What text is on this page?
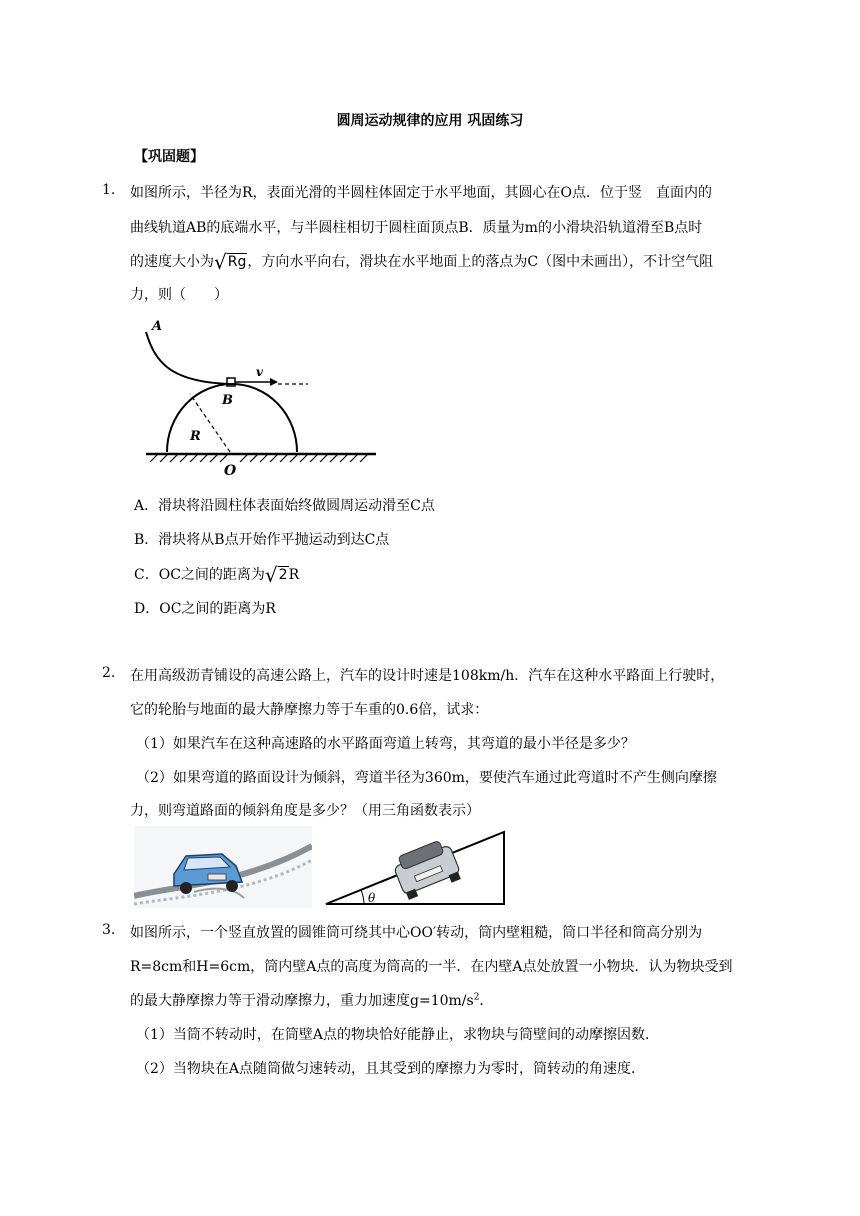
圆周运动规律的应用 巩固练习
【巩固题】
1. 如图所示，半径为R，表面光滑的半圆柱体固定于水平地面，其圆心在O点．位于竖　直面内的
曲线轨道AB的底端水平，与半圆柱相切于圆柱面顶点B．质量为m的小滑块沿轨道滑至B点时
的速度大小为√Rg，方向水平向右，滑块在水平地面上的落点为C（图中未画出），不计空气阻
力，则（　　）
A
B
v
R
O
A．滑块将沿圆柱体表面始终做圆周运动滑至C点
B．滑块将从B点开始作平抛运动到达C点
C．OC之间的距离为√2R
D．OC之间的距离为R
2. 在用高级沥青铺设的高速公路上，汽车的设计时速是108km/h．汽车在这种水平路面上行驶时，
它的轮胎与地面的最大静摩擦力等于车重的0.6倍，试求：
（1）如果汽车在这种高速路的水平路面弯道上转弯，其弯道的最小半径是多少？
（2）如果弯道的路面设计为倾斜，弯道半径为360m，要使汽车通过此弯道时不产生侧向摩擦
力，则弯道路面的倾斜角度是多少？（用三角函数表示）
θ
3. 如图所示，一个竖直放置的圆锥筒可绕其中心OO′转动，筒内壁粗糙，筒口半径和筒高分别为
R=8cm和H=6cm，筒内壁A点的高度为筒高的一半．在内壁A点处放置一小物块．认为物块受到
的最大静摩擦力等于滑动摩擦力，重力加速度$g=10m/s^2$．
（1）当筒不转动时，在筒壁A点的物块恰好能静止，求物块与筒壁间的动摩擦因数．
（2）当物块在A点随筒做匀速转动，且其受到的摩擦力为零时，筒转动的角速度．
